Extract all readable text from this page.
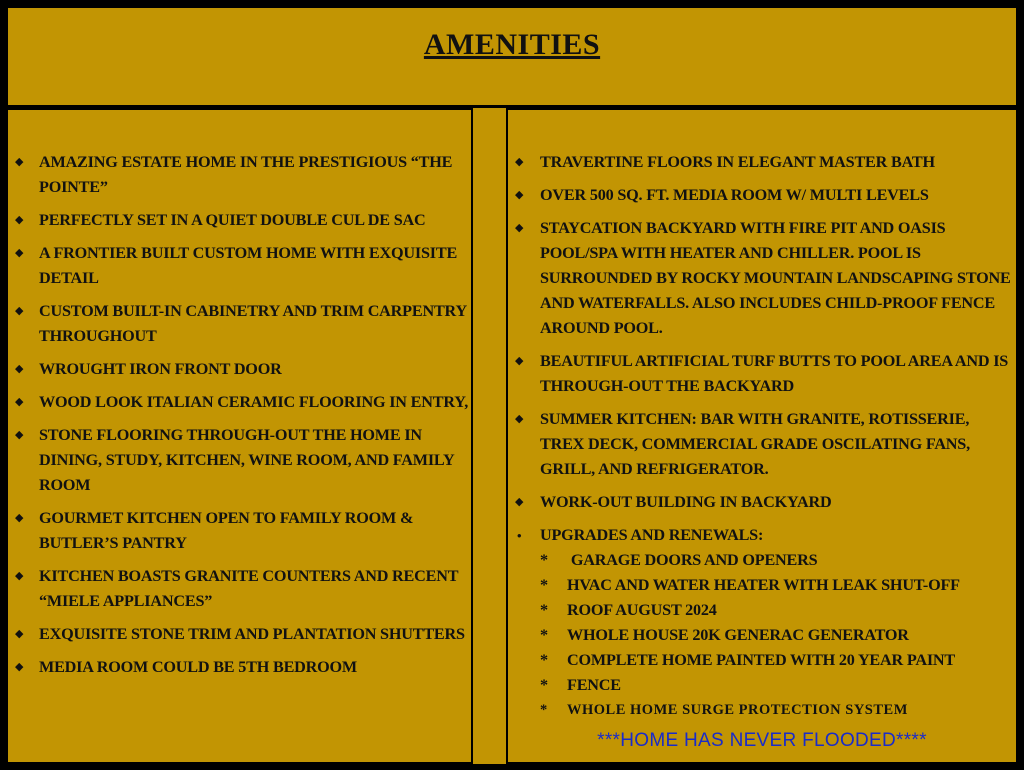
AMENITIES
◆ AMAZING ESTATE HOME IN THE PRESTIGIOUS “THE POINTE”
◆ PERFECTLY SET IN A QUIET DOUBLE CUL DE SAC
◆ A FRONTIER BUILT CUSTOM HOME WITH EXQUISITE DETAIL
◆ CUSTOM BUILT-IN CABINETRY AND TRIM CARPENTRY THROUGHOUT
◆ WROUGHT IRON FRONT DOOR
◆ WOOD LOOK ITALIAN CERAMIC FLOORING IN ENTRY,
◆ STONE FLOORING THROUGH-OUT THE HOME IN DINING, STUDY, KITCHEN, WINE ROOM, AND FAMILY ROOM
◆ GOURMET KITCHEN OPEN TO FAMILY ROOM & BUTLER’S PANTRY
◆ KITCHEN BOASTS GRANITE COUNTERS AND RECENT “MIELE APPLIANCES”
◆ EXQUISITE STONE TRIM AND PLANTATION SHUTTERS
◆ MEDIA ROOM COULD BE 5TH BEDROOM
◆ TRAVERTINE FLOORS IN ELEGANT MASTER BATH
◆ OVER 500 SQ. FT. MEDIA ROOM W/ MULTI LEVELS
◆ STAYCATION BACKYARD WITH FIRE PIT AND OASIS POOL/SPA WITH HEATER AND CHILLER. POOL IS SURROUNDED BY ROCKY MOUNTAIN LANDSCAPING STONE AND WATERFALLS. ALSO INCLUDES CHILD-PROOF FENCE AROUND POOL.
◆ BEAUTIFUL ARTIFICIAL TURF BUTTS TO POOL AREA AND IS THROUGH-OUT THE BACKYARD
◆ SUMMER KITCHEN: BAR WITH GRANITE, ROTISSERIE, TREX DECK, COMMERCIAL GRADE OSCILATING FANS, GRILL, AND REFRIGERATOR.
◆ WORK-OUT BUILDING IN BACKYARD
• UPGRADES AND RENEWALS:
* GARAGE DOORS AND OPENERS
* HVAC AND WATER HEATER WITH LEAK SHUT-OFF
* ROOF AUGUST 2024
* WHOLE HOUSE 20K GENERAC GENERATOR
* COMPLETE HOME PAINTED WITH 20 YEAR PAINT
* FENCE
* WHOLE HOME SURGE PROTECTION SYSTEM
***HOME HAS NEVER FLOODED****
